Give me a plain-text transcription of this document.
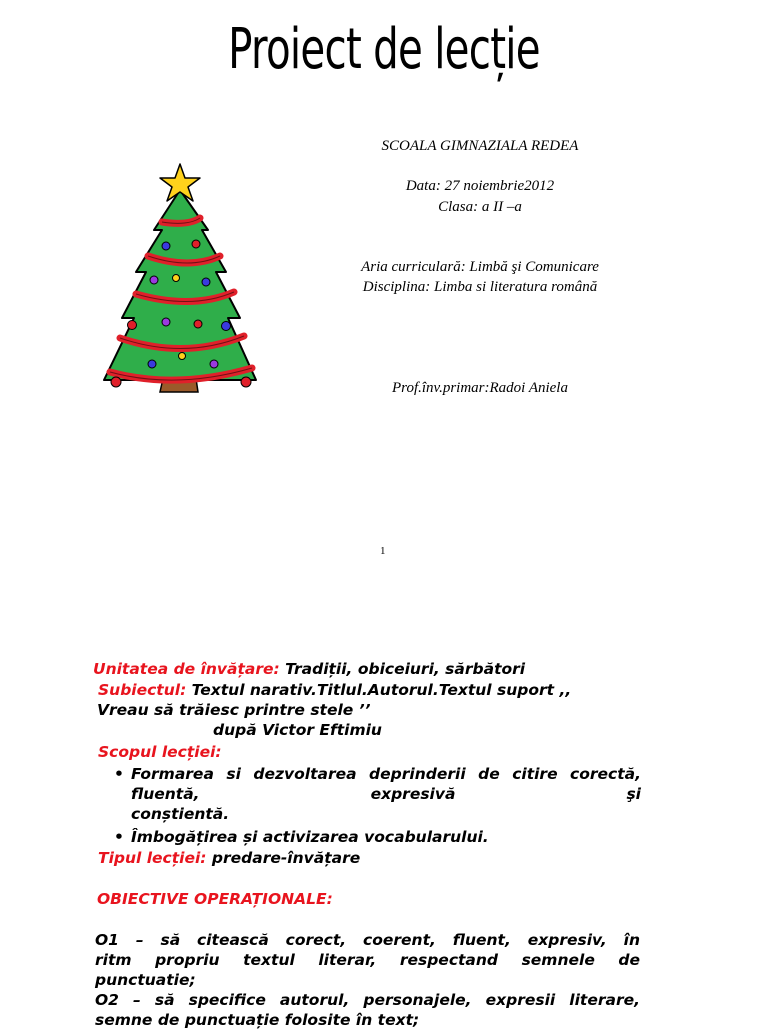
Proiect de lecție
SCOALA GIMNAZIALA REDEA
Data: 27 noiembrie2012
Clasa: a II –a
Aria curriculară: Limbă şi Comunicare
Disciplina: Limba si literatura română
Prof.înv.primar:Radoi Aniela
1
Unitatea de învățare: Tradiții, obiceiuri, sărbători
Subiectul: Textul narativ.Titlul.Autorul.Textul suport ,,
Vreau să trăiesc printre stele ’’
după Victor Eftimiu
Scopul lecției:
• Formarea si dezvoltarea deprinderii de citire corectă, fluentă, expresivă şi
conștientă.
• Îmbogățirea și activizarea vocabularului.
Tipul lecției: predare-învățare
OBIECTIVE OPERAȚIONALE:
O1 – să citească corect, coerent, fluent, expresiv, în
ritm propriu textul literar, respectand semnele de
punctuatie;
O2 – să specifice autorul, personajele, expresii literare,
semne de punctuație folosite în text;
